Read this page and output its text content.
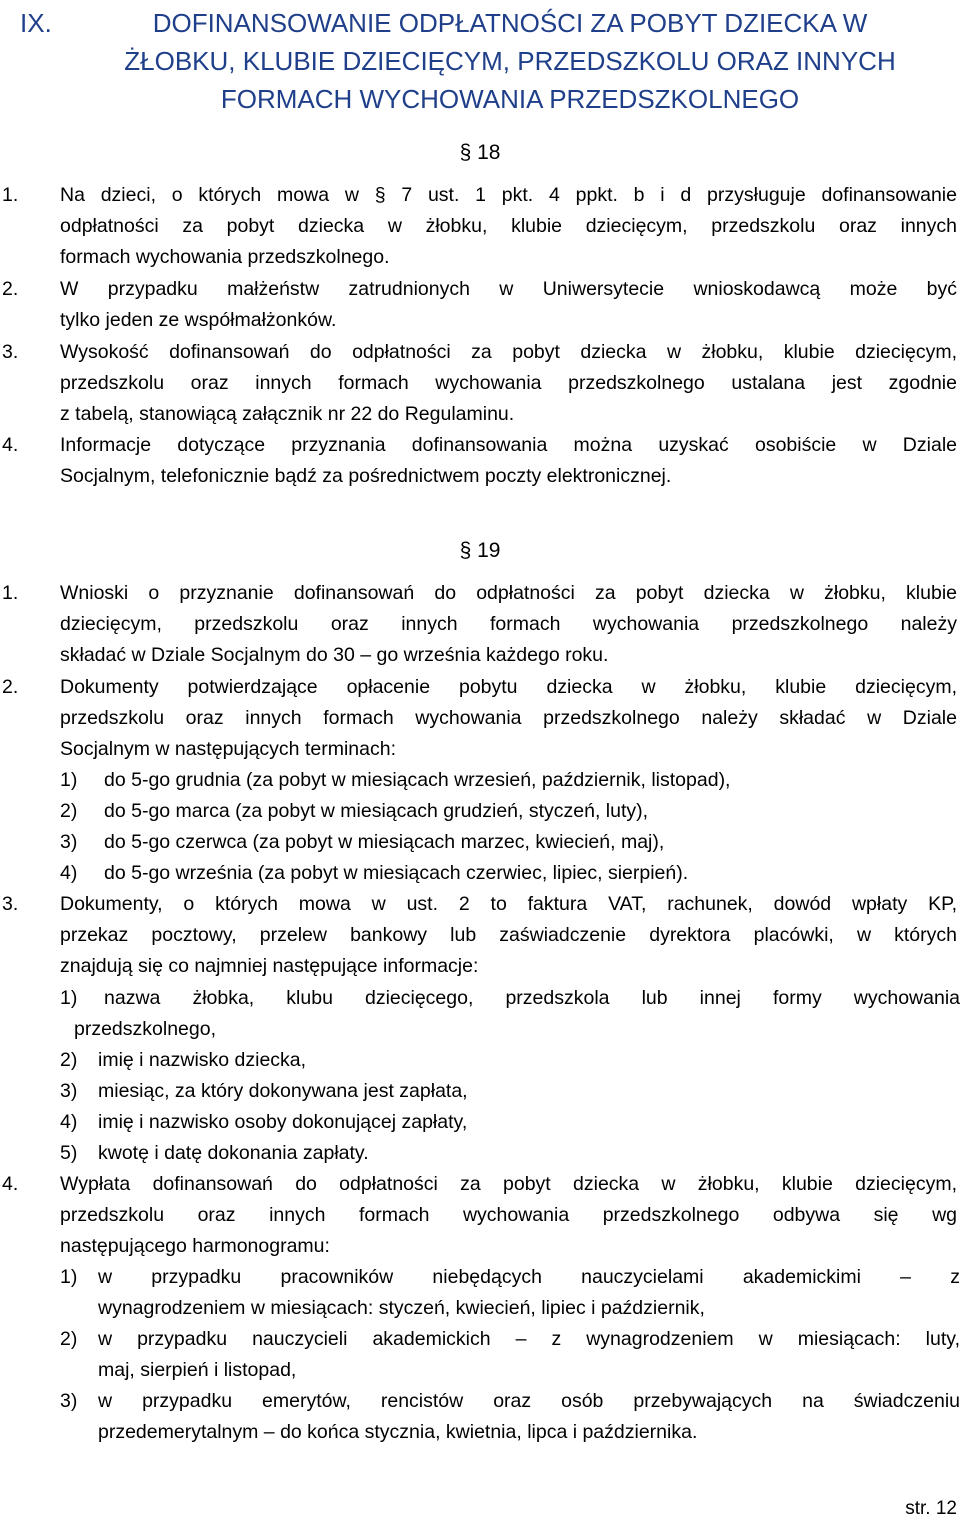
IX.	DOFINANSOWANIE ODPŁATNOŚCI ZA POBYT DZIECKA W
ŻŁOBKU, KLUBIE DZIECIĘCYM, PRZEDSZKOLU ORAZ INNYCH
FORMACH WYCHOWANIA PRZEDSZKOLNEGO
§ 18
1. Na dzieci, o których mowa w § 7 ust. 1 pkt. 4 ppkt. b i d przysługuje dofinansowanie
odpłatności za pobyt dziecka w żłobku, klubie dziecięcym, przedszkolu oraz innych
formach wychowania przedszkolnego.
2. W przypadku małżeństw zatrudnionych w Uniwersytecie wnioskodawcą może być
tylko jeden ze współmałżonków.
3. Wysokość dofinansowań do odpłatności za pobyt dziecka w żłobku, klubie dziecięcym,
przedszkolu oraz innych formach wychowania przedszkolnego ustalana jest zgodnie
z tabelą, stanowiącą załącznik nr 22 do Regulaminu.
4. Informacje dotyczące przyznania dofinansowania można uzyskać osobiście w Dziale
Socjalnym, telefonicznie bądź za pośrednictwem poczty elektronicznej.
§ 19
1. Wnioski o przyznanie dofinansowań do odpłatności za pobyt dziecka w żłobku, klubie
dziecięcym, przedszkolu oraz innych formach wychowania przedszkolnego należy
składać w Dziale Socjalnym do 30 – go września każdego roku.
2. Dokumenty potwierdzające opłacenie pobytu dziecka w żłobku, klubie dziecięcym,
przedszkolu oraz innych formach wychowania przedszkolnego należy składać w Dziale
Socjalnym w następujących terminach:
1) do 5-go grudnia (za pobyt w miesiącach wrzesień, październik, listopad),
2) do 5-go marca (za pobyt w miesiącach grudzień, styczeń, luty),
3) do 5-go czerwca (za pobyt w miesiącach marzec, kwiecień, maj),
4) do 5-go września (za pobyt w miesiącach czerwiec, lipiec, sierpień).
3. Dokumenty, o których mowa w ust. 2 to faktura VAT, rachunek, dowód wpłaty KP,
przekaz pocztowy, przelew bankowy lub zaświadczenie dyrektora placówki, w których
znajdują się co najmniej następujące informacje:
1) nazwa żłobka, klubu dziecięcego, przedszkola lub innej formy wychowania
przedszkolnego,
2) imię i nazwisko dziecka,
3) miesiąc, za który dokonywana jest zapłata,
4) imię i nazwisko osoby dokonującej zapłaty,
5) kwotę i datę dokonania zapłaty.
4. Wypłata dofinansowań do odpłatności za pobyt dziecka w żłobku, klubie dziecięcym,
przedszkolu oraz innych formach wychowania przedszkolnego odbywa się wg
następującego harmonogramu:
1) w przypadku pracowników niebędących nauczycielami akademickimi – z
wynagrodzeniem w miesiącach: styczeń, kwiecień, lipiec i październik,
2) w przypadku nauczycieli akademickich – z wynagrodzeniem w miesiącach: luty,
maj, sierpień i listopad,
3) w przypadku emerytów, rencistów oraz osób przebywających na świadczeniu
przedemerytalnym – do końca stycznia, kwietnia, lipca i października.
str. 12
